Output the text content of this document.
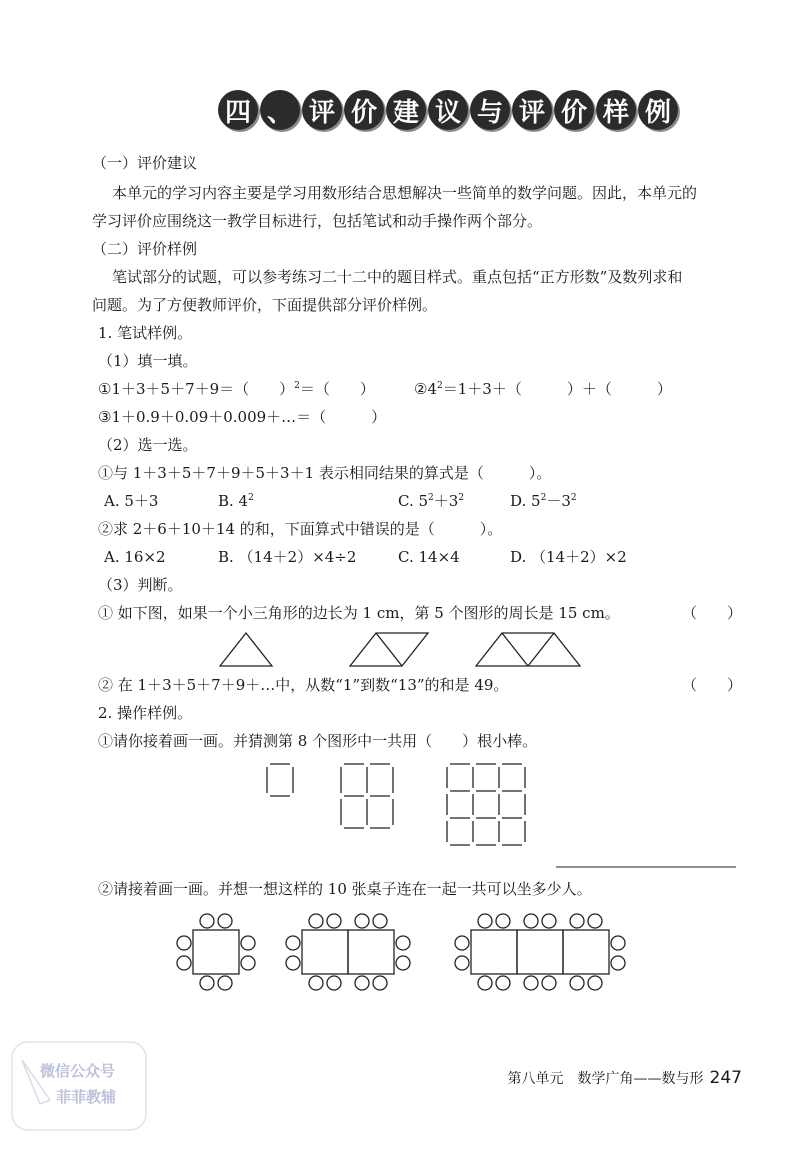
四 、 评 价 建 议 与 评 价 样 例
（一）评价建议
本单元的学习内容主要是学习用数形结合思想解决一些简单的数学问题。因此，本单元的
学习评价应围绕这一教学目标进行，包括笔试和动手操作两个部分。
（二）评价样例
笔试部分的试题，可以参考练习二十二中的题目样式。重点包括“正方形数”及数列求和
问题。为了方便教师评价，下面提供部分评价样例。
1. 笔试样例。
（1）填一填。
①1＋3＋5＋7＋9＝（　　）$^2$＝（　　）	$②4^2=1+3+$（　　　）＋（　　　）
③1＋0.9＋0.09＋0.009＋…＝（　　　）
（2）选一选。
①与 1＋3＋5＋7＋9＋5＋3＋1 表示相同结果的算式是（　　　）。
A. 5＋3	B. $4^2$	C. $5^2+3^2$	D. $5^2-3^2$
②求 2＋6＋10＋14 的和，下面算式中错误的是（　　　）。
A. 16×2	B. （14＋2）×4÷2	C. 14×4	D. （14＋2）×2
（3）判断。
① 如下图，如果一个小三角形的边长为 1 cm，第 5 个图形的周长是 15 cm。	（　　）
② 在 1＋3＋5＋7＋9＋…中，从数“1”到数“13”的和是 49。	（　　）
2. 操作样例。
①请你接着画一画。并猜测第 8 个图形中一共用（　　）根小棒。
②请接着画一画。并想一想这样的 10 张桌子连在一起一共可以坐多少人。
微信公众号
菲菲教辅
第八单元　数学广角——数与形 247
